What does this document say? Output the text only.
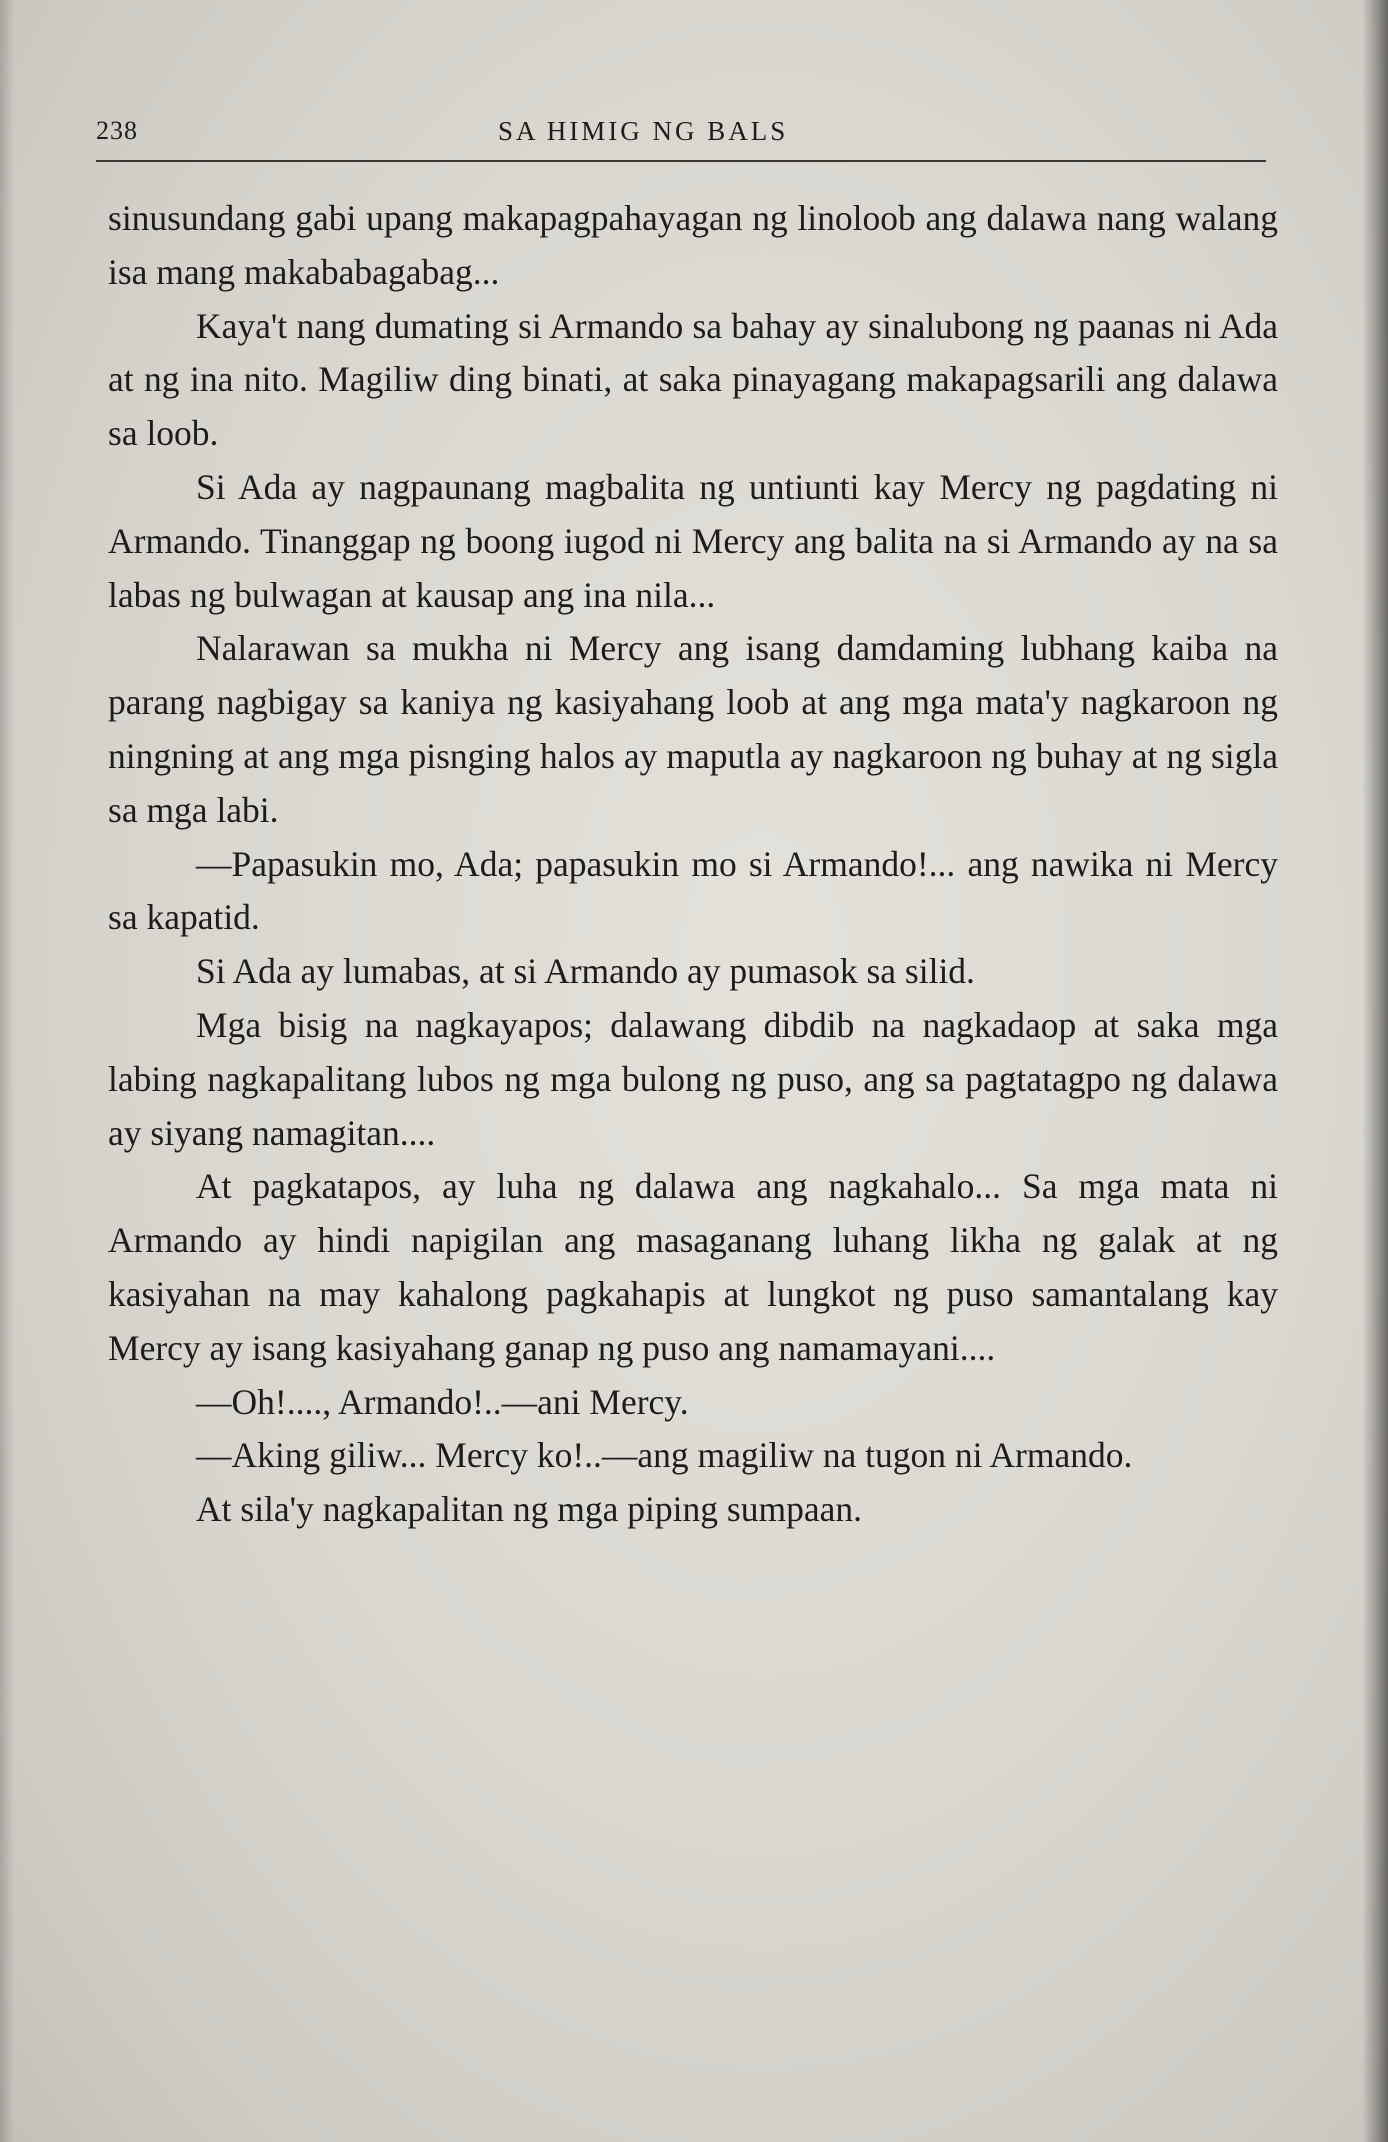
238	SA HIMIG NG BALS

sinusundang gabi upang makapagpahayagan ng linoloob ang dalawa nang walang isa mang makababagabag...

Kaya't nang dumating si Armando sa bahay ay sinalubong ng paanas ni Ada at ng ina nito. Magiliw ding binati, at saka pinayagang makapagsarili ang dalawa sa loob.

Si Ada ay nagpaunang magbalita ng untiunti kay Mercy ng pagdating ni Armando. Tinanggap ng boong iugod ni Mercy ang balita na si Armando ay na sa labas ng bulwagan at kausap ang ina nila...

Nalarawan sa mukha ni Mercy ang isang damdaming lubhang kaiba na parang nagbigay sa kaniya ng kasiyahang loob at ang mga mata'y nagkaroon ng ningning at ang mga pisnging halos ay maputla ay nagkaroon ng buhay at ng sigla sa mga labi.

—Papasukin mo, Ada; papasukin mo si Armando!... ang nawika ni Mercy sa kapatid.

Si Ada ay lumabas, at si Armando ay pumasok sa silid.

Mga bisig na nagkayapos; dalawang dibdib na nagkadaop at saka mga labing nagkapalitang lubos ng mga bulong ng puso, ang sa pagtatagpo ng dalawa ay siyang namagitan....

At pagkatapos, ay luha ng dalawa ang nagkahalo... Sa mga mata ni Armando ay hindi napigilan ang masaganang luhang likha ng galak at ng kasiyahan na may kahalong pagkahapis at lungkot ng puso samantalang kay Mercy ay isang kasiyahang ganap ng puso ang namamayani....

—Oh!...., Armando!..—ani Mercy.

—Aking giliw... Mercy ko!..—ang magiliw na tugon ni Armando.

At sila'y nagkapalitan ng mga piping sumpaan.
